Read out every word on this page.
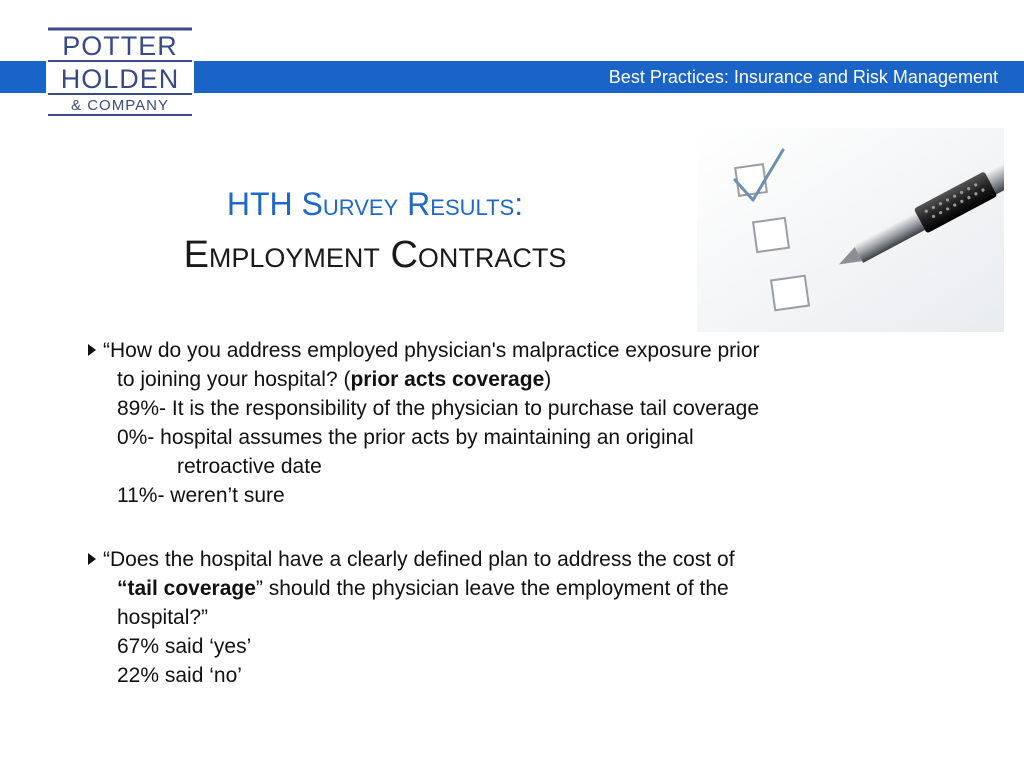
Best Practices: Insurance and Risk Management
POTTER
HOLDEN
& COMPANY
HTH Survey Results:
Employment Contracts
“How do you address employed physician's malpractice exposure prior
to joining your hospital? (prior acts coverage)
89%- It is the responsibility of the physician to purchase tail coverage
0%- hospital assumes the prior acts by maintaining an original
retroactive date
11%- weren’t sure
“Does the hospital have a clearly defined plan to address the cost of
“tail coverage” should the physician leave the employment of the
hospital?”
67% said ‘yes’
22% said ‘no’
